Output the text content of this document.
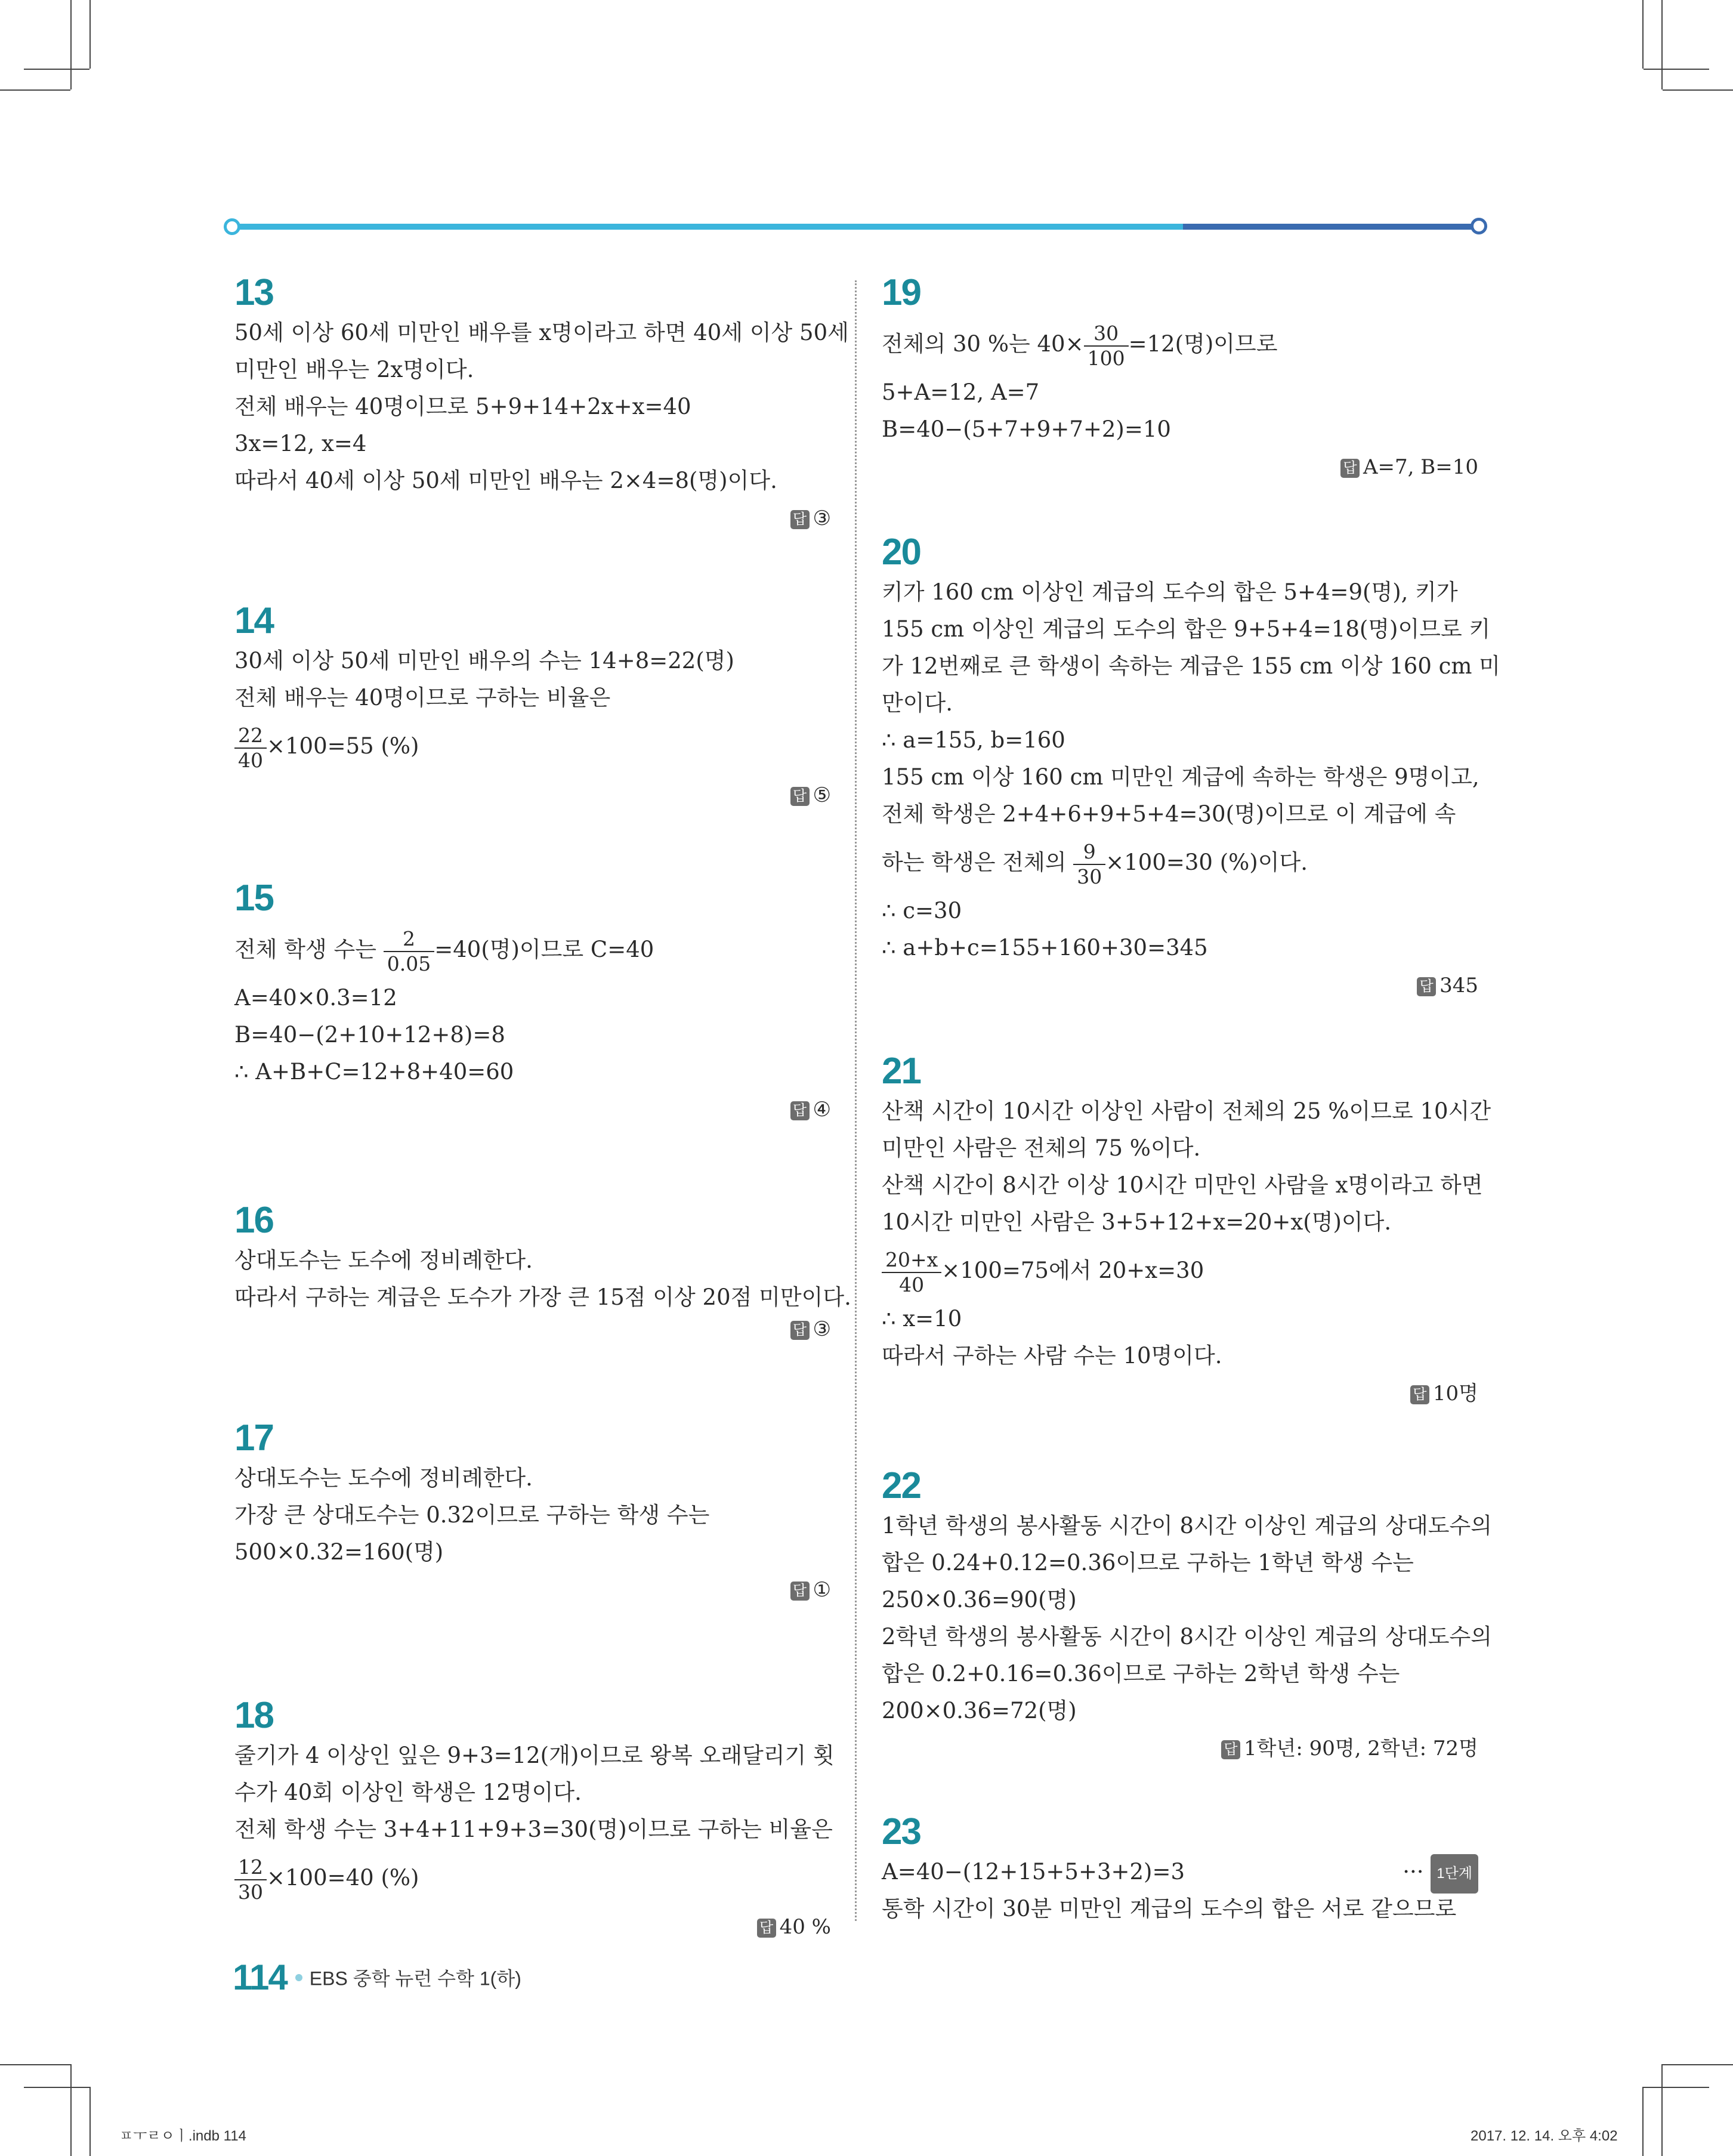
13
50세 이상 60세 미만인 배우를 x명이라고 하면 40세 이상 50세
미만인 배우는 2x명이다.
전체 배우는 40명이므로 5+9+14+2x+x=40
3x=12, x=4
따라서 40세 이상 50세 미만인 배우는 2×4=8(명)이다.
답 ③
14
30세 이상 50세 미만인 배우의 수는 14+8=22(명)
전체 배우는 40명이므로 구하는 비율은
$\frac{22}{40} \times 100=55$ (%)
답 ⑤
15
전체 학생 수는 $\frac{2}{0.05} =40$(명)이므로 C=40
A=40×0.3=12
B=40−(2+10+12+8)=8
∴ A+B+C=12+8+40=60
답 ④
16
상대도수는 도수에 정비례한다.
따라서 구하는 계급은 도수가 가장 큰 15점 이상 20점 미만이다.
답 ③
17
상대도수는 도수에 정비례한다.
가장 큰 상대도수는 0.32이므로 구하는 학생 수는
500×0.32=160(명)
답 ①
18
줄기가 4 이상인 잎은 9+3=12(개)이므로 왕복 오래달리기 횟
수가 40회 이상인 학생은 12명이다.
전체 학생 수는 3+4+11+9+3=30(명)이므로 구하는 비율은
$\frac{12}{30} \times 100=40$ (%)
답 40 %
19
전체의 30 %는 $40\times \frac{30}{100} =12$(명)이므로
5+A=12, A=7
B=40−(5+7+9+7+2)=10
답 A=7, B=10
20
키가 160 cm 이상인 계급의 도수의 합은 5+4=9(명), 키가
155 cm 이상인 계급의 도수의 합은 9+5+4=18(명)이므로 키
가 12번째로 큰 학생이 속하는 계급은 155 cm 이상 160 cm 미
만이다.
∴ a=155, b=160
155 cm 이상 160 cm 미만인 계급에 속하는 학생은 9명이고,
전체 학생은 2+4+6+9+5+4=30(명)이므로 이 계급에 속
하는 학생은 전체의 $\frac{9}{30} \times 100=30$ (%)이다.
∴ c=30
∴ a+b+c=155+160+30=345
답 345
21
산책 시간이 10시간 이상인 사람이 전체의 25 %이므로 10시간
미만인 사람은 전체의 75 %이다.
산책 시간이 8시간 이상 10시간 미만인 사람을 x명이라고 하면
10시간 미만인 사람은 3+5+12+x=20+x(명)이다.
$\frac{20+x}{40} \times 100=75$에서 20+x=30
∴ x=10
따라서 구하는 사람 수는 10명이다.
답 10명
22
1학년 학생의 봉사활동 시간이 8시간 이상인 계급의 상대도수의
합은 0.24+0.12=0.36이므로 구하는 1학년 학생 수는
250×0.36=90(명)
2학년 학생의 봉사활동 시간이 8시간 이상인 계급의 상대도수의
합은 0.2+0.16=0.36이므로 구하는 2학년 학생 수는
200×0.36=72(명)
답 1학년: 90명, 2학년: 72명
23
A=40−(12+15+5+3+2)=3	··· 1단계
통학 시간이 30분 미만인 계급의 도수의 합은 서로 같으므로
114 EBS 중학 뉴런 수학 1(하)
ㅍㅜㄹㅇㅣ.indb 114	2017. 12. 14. 오후 4:02
